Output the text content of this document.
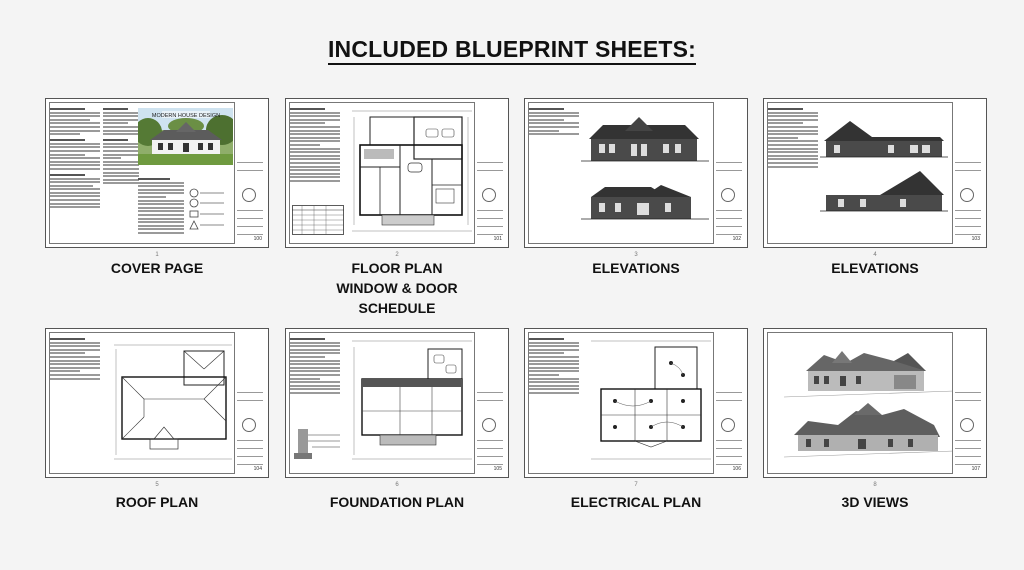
INCLUDED BLUEPRINT SHEETS:
MODERN HOUSE DESIGN
100
1
COVER PAGE
101
2
FLOOR PLAN
WINDOW & DOOR
SCHEDULE
102
3
ELEVATIONS
103
4
ELEVATIONS
104
5
ROOF PLAN
105
6
FOUNDATION PLAN
106
7
ELECTRICAL PLAN
107
8
3D VIEWS
